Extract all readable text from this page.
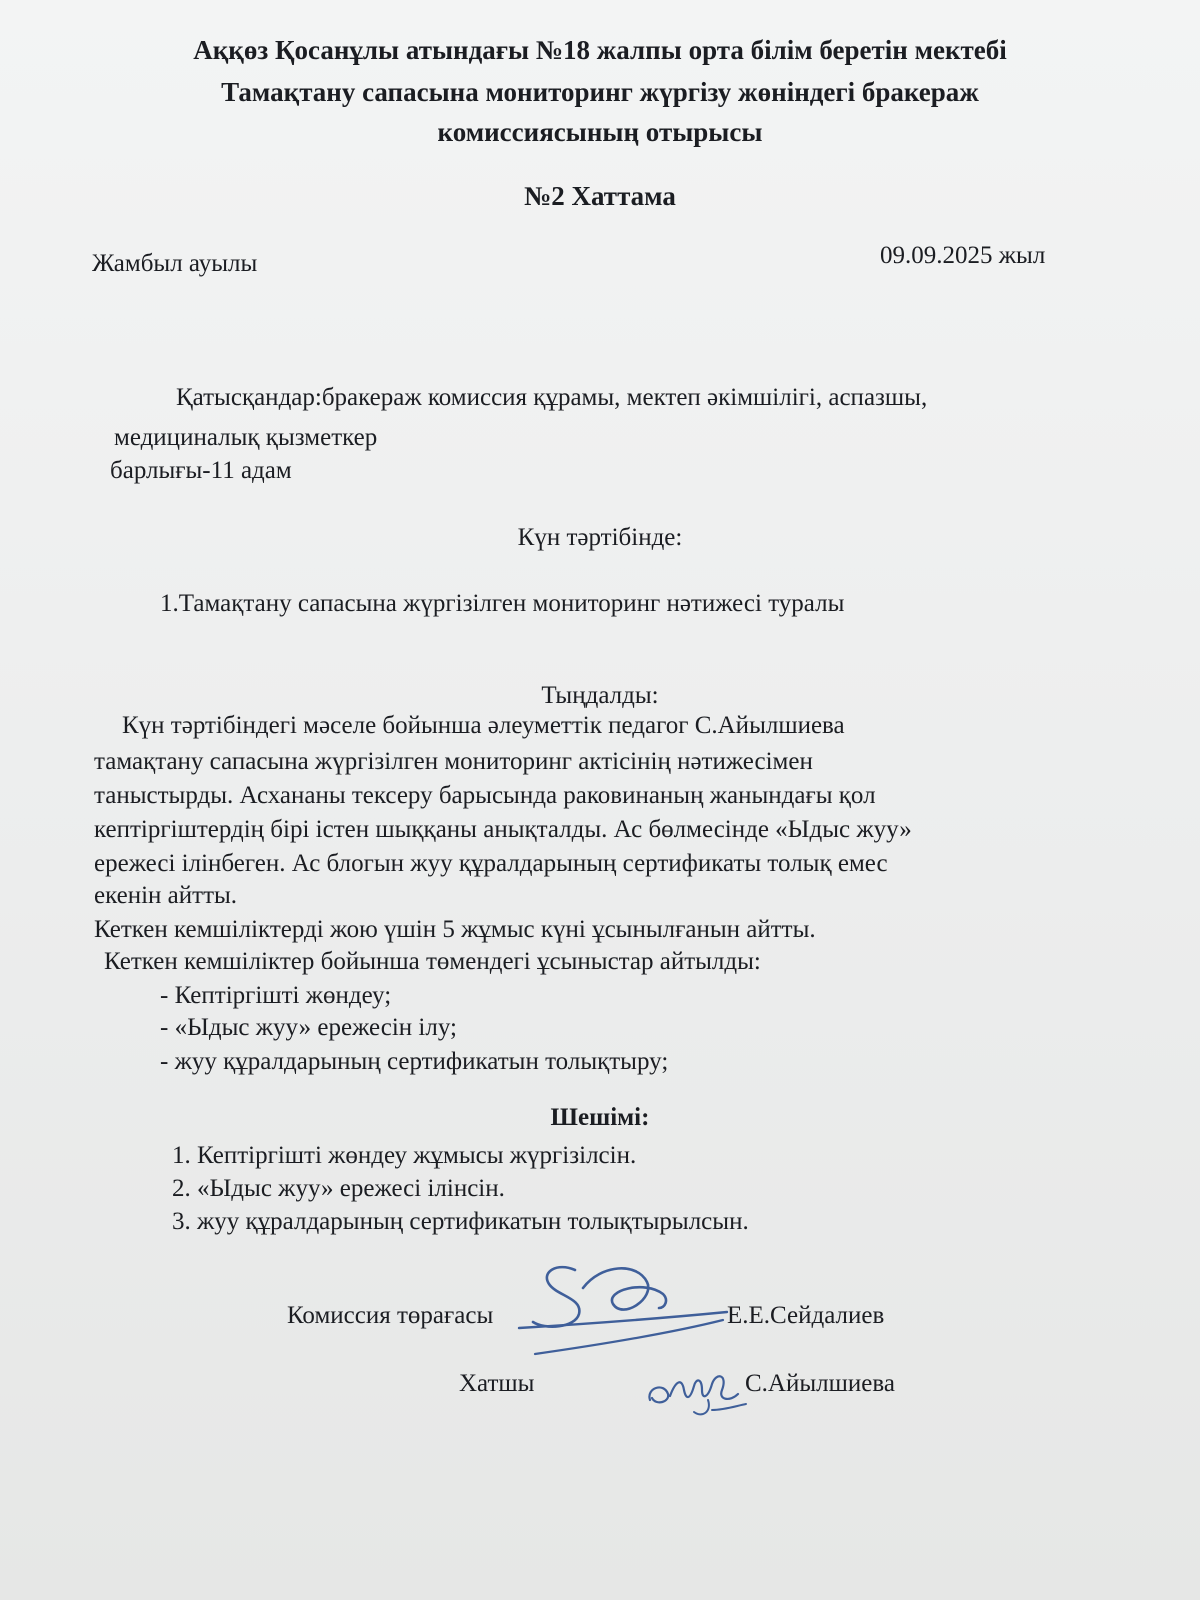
Аққөз Қосанұлы атындағы №18 жалпы орта білім беретін мектебі
Тамақтану сапасына мониторинг жүргізу жөніндегі бракераж
комиссиясының отырысы
№2 Хаттама
Жамбыл ауылы	09.09.2025 жыл
Қатысқандар:бракераж комиссия құрамы, мектеп әкімшілігі, аспазшы,
медициналық қызметкер
барлығы-11 адам
Күн тәртібінде:
1.Тамақтану сапасына жүргізілген мониторинг нәтижесі туралы
Тыңдалды:
Күн тәртібіндегі мәселе бойынша әлеуметтік педагог С.Айылшиева
тамақтану сапасына жүргізілген мониторинг актісінің нәтижесімен
таныстырды. Асхананы тексеру барысында раковинаның жанындағы қол
кептіргіштердің бірі істен шыққаны анықталды. Ас бөлмесінде «Ыдыс жуу»
ережесі ілінбеген. Ас блогын жуу құралдарының сертификаты толық емес
екенін айтты.
Кеткен кемшіліктерді жою үшін 5 жұмыс күні ұсынылғанын айтты.
Кеткен кемшіліктер бойынша төмендегі ұсыныстар айтылды:
- Кептіргішті жөндеу;
- «Ыдыс жуу» ережесін ілу;
- жуу құралдарының сертификатын толықтыру;
Шешімі:
1. Кептіргішті жөндеу жұмысы жүргізілсін.
2. «Ыдыс жуу» ережесі ілінсін.
3. жуу құралдарының сертификатын толықтырылсын.
Комиссия төрағасы	Е.Е.Сейдалиев
Хатшы	С.Айылшиева
